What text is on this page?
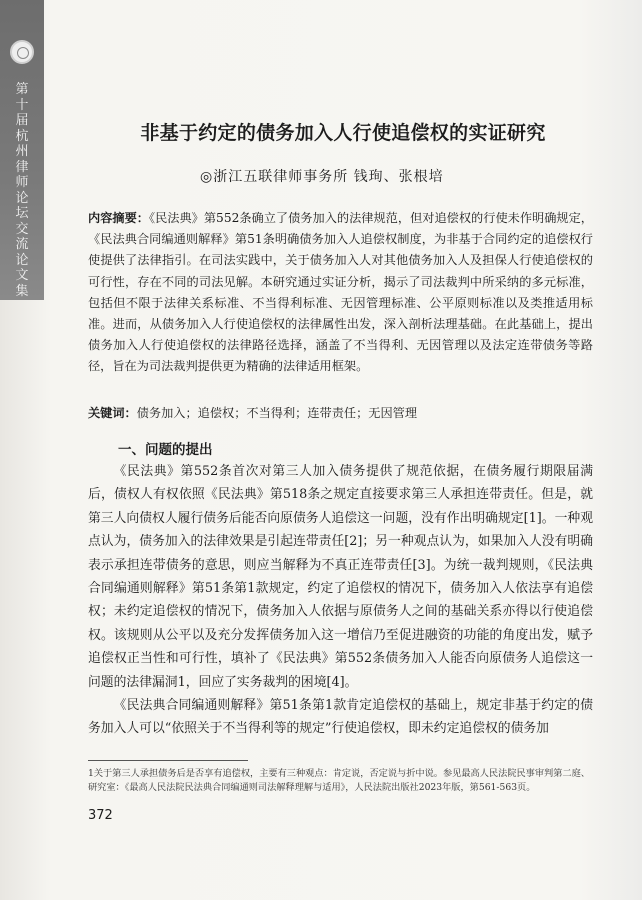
第
十
届
杭
州
律
师
论
坛
交
流
论
文
集
非基于约定的债务加入人行使追偿权的实证研究
◎浙江五联律师事务所 钱珣、张根培
内容摘要：《民法典》第552条确立了债务加入的法律规范，但对追偿权的行使未作明确规定，《民法典合同编通则解释》第51条明确债务加入人追偿权制度，为非基于合同约定的追偿权行使提供了法律指引。在司法实践中，关于债务加入人对其他债务加入人及担保人行使追偿权的可行性，存在不同的司法见解。本研究通过实证分析，揭示了司法裁判中所采纳的多元标准，包括但不限于法律关系标准、不当得利标准、无因管理标准、公平原则标准以及类推适用标准。进而，从债务加入人行使追偿权的法律属性出发，深入剖析法理基础。在此基础上，提出债务加入人行使追偿权的法律路径选择，涵盖了不当得利、无因管理以及法定连带债务等路径，旨在为司法裁判提供更为精确的法律适用框架。
关键词：债务加入；追偿权；不当得利；连带责任；无因管理
一、问题的提出

《民法典》第552条首次对第三人加入债务提供了规范依据，在债务履行期限届满后，债权人有权依照《民法典》第518条之规定直接要求第三人承担连带责任。但是，就第三人向债权人履行债务后能否向原债务人追偿这一问题，没有作出明确规定[1]。一种观点认为，债务加入的法律效果是引起连带责任[2]；另一种观点认为，如果加入人没有明确表示承担连带债务的意思，则应当解释为不真正连带责任[3]。为统一裁判规则，《民法典合同编通则解释》第51条第1款规定，约定了追偿权的情况下，债务加入人依法享有追偿权；未约定追偿权的情况下，债务加入人依据与原债务人之间的基础关系亦得以行使追偿权。该规则从公平以及充分发挥债务加入这一增信乃至促进融资的功能的角度出发，赋予追偿权正当性和可行性，填补了《民法典》第552条债务加入人能否向原债务人追偿这一问题的法律漏洞1，回应了实务裁判的困境[4]。

《民法典合同编通则解释》第51条第1款肯定追偿权的基础上，规定非基于约定的债务加入人可以“依照关于不当得利等的规定”行使追偿权，即未约定追偿权的债务加

1关于第三人承担债务后是否享有追偿权，主要有三种观点：肯定说，否定说与折中说。参见最高人民法院民事审判第二庭、研究室：《最高人民法院民法典合同编通则司法解释理解与适用》，人民法院出版社2023年版，第561-563页。
372
